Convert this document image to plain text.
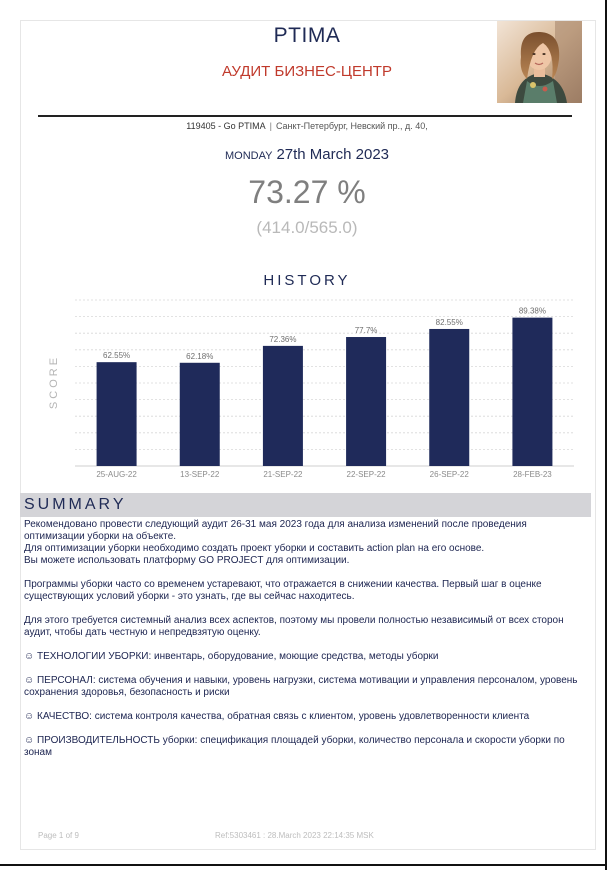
PTIMA
АУДИТ БИЗНЕС-ЦЕНТР
119405 - Go PTIMA | Санкт-Петербург, Невский пр., д. 40,
MONDAY 27th March 2023
73.27 %
(414.0/565.0)
HISTORY
SCORE	62.55%	62.18%
72.36%
77.7%
82.55%
89.38%
25-AUG-22	13-SEP-22	21-SEP-22	22-SEP-22	26-SEP-22	28-FEB-23
SUMMARY
Рекомендовано провести следующий аудит 26-31 мая 2023 года для анализа изменений после проведения оптимизации уборки на объекте.
Для оптимизации уборки необходимо создать проект уборки и составить action plan на его основе.
Вы можете использовать платформу GO PROJECT для оптимизации.

Программы уборки часто со временем устаревают, что отражается в снижении качества. Первый шаг в оценке существующих условий уборки - это узнать, где вы сейчас находитесь.

Для этого требуется системный анализ всех аспектов, поэтому мы провели полностью независимый от всех сторон аудит, чтобы дать честную и непредвзятую оценку.

☺ ТЕХНОЛОГИИ УБОРКИ: инвентарь, оборудование, моющие средства, методы уборки

☺ ПЕРСОНАЛ: система обучения и навыки, уровень нагрузки, система мотивации и управления персоналом, уровень сохранения здоровья, безопасность и риски

☺ КАЧЕСТВО: система контроля качества, обратная связь с клиентом, уровень удовлетворенности клиента

☺ ПРОИЗВОДИТЕЛЬНОСТЬ уборки: спецификация площадей уборки, количество персонала и скорости уборки по зонам

Page 1 of 9	Ref:5303461 : 28.March 2023 22:14:35 MSK
